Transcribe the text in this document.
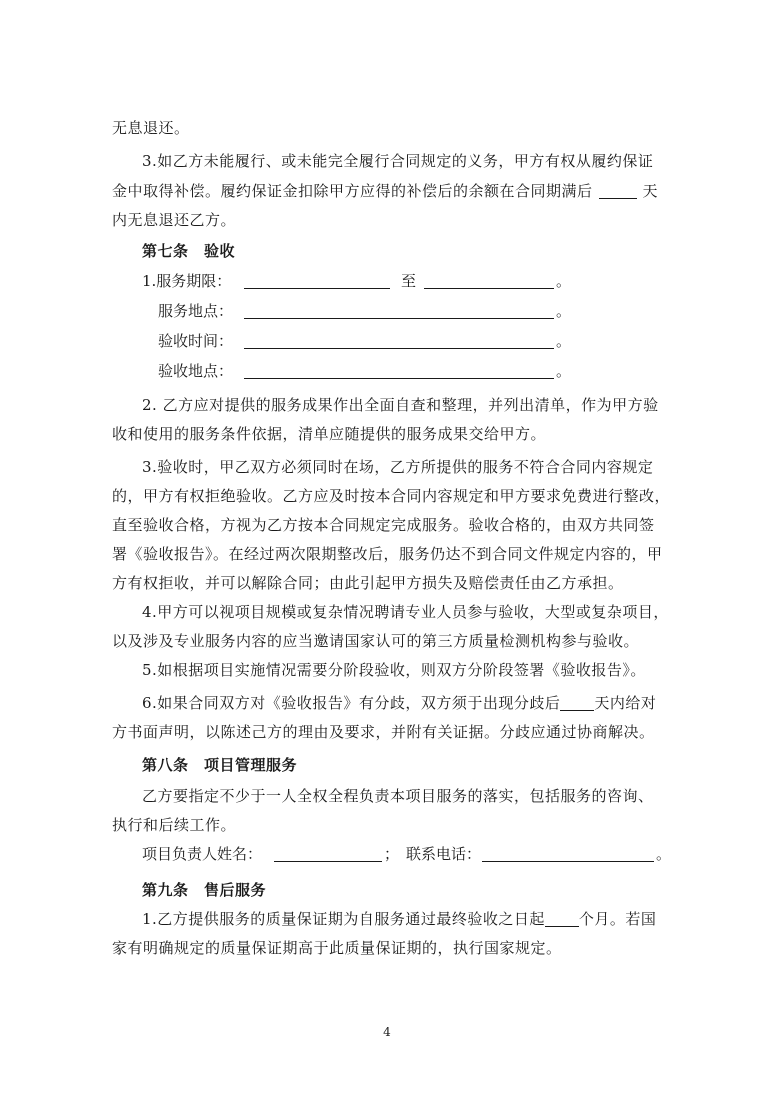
无息退还。
3.如乙方未能履行、或未能完全履行合同规定的义务，甲方有权从履约保证
金中取得补偿。履约保证金扣除甲方应得的补偿后的余额在合同期满后	天
内无息退还乙方。
第七条　验收
1.服务期限：	至	。
服务地点：	。
验收时间：	。
验收地点：	。
2. 乙方应对提供的服务成果作出全面自查和整理，并列出清单，作为甲方验
收和使用的服务条件依据，清单应随提供的服务成果交给甲方。
3.验收时，甲乙双方必须同时在场，乙方所提供的服务不符合合同内容规定
的，甲方有权拒绝验收。乙方应及时按本合同内容规定和甲方要求免费进行整改，
直至验收合格，方视为乙方按本合同规定完成服务。验收合格的，由双方共同签
署《验收报告》。在经过两次限期整改后，服务仍达不到合同文件规定内容的，甲
方有权拒收，并可以解除合同；由此引起甲方损失及赔偿责任由乙方承担。
4.甲方可以视项目规模或复杂情况聘请专业人员参与验收，大型或复杂项目，
以及涉及专业服务内容的应当邀请国家认可的第三方质量检测机构参与验收。
5.如根据项目实施情况需要分阶段验收，则双方分阶段签署《验收报告》。
6.如果合同双方对《验收报告》有分歧，双方须于出现分歧后 天内给对
方书面声明，以陈述己方的理由及要求，并附有关证据。分歧应通过协商解决。
第八条　项目管理服务
乙方要指定不少于一人全权全程负责本项目服务的落实，包括服务的咨询、
执行和后续工作。
项目负责人姓名：	； 联系电话：	。
第九条　售后服务
1.乙方提供服务的质量保证期为自服务通过最终验收之日起 个月。若国
家有明确规定的质量保证期高于此质量保证期的，执行国家规定。
4
